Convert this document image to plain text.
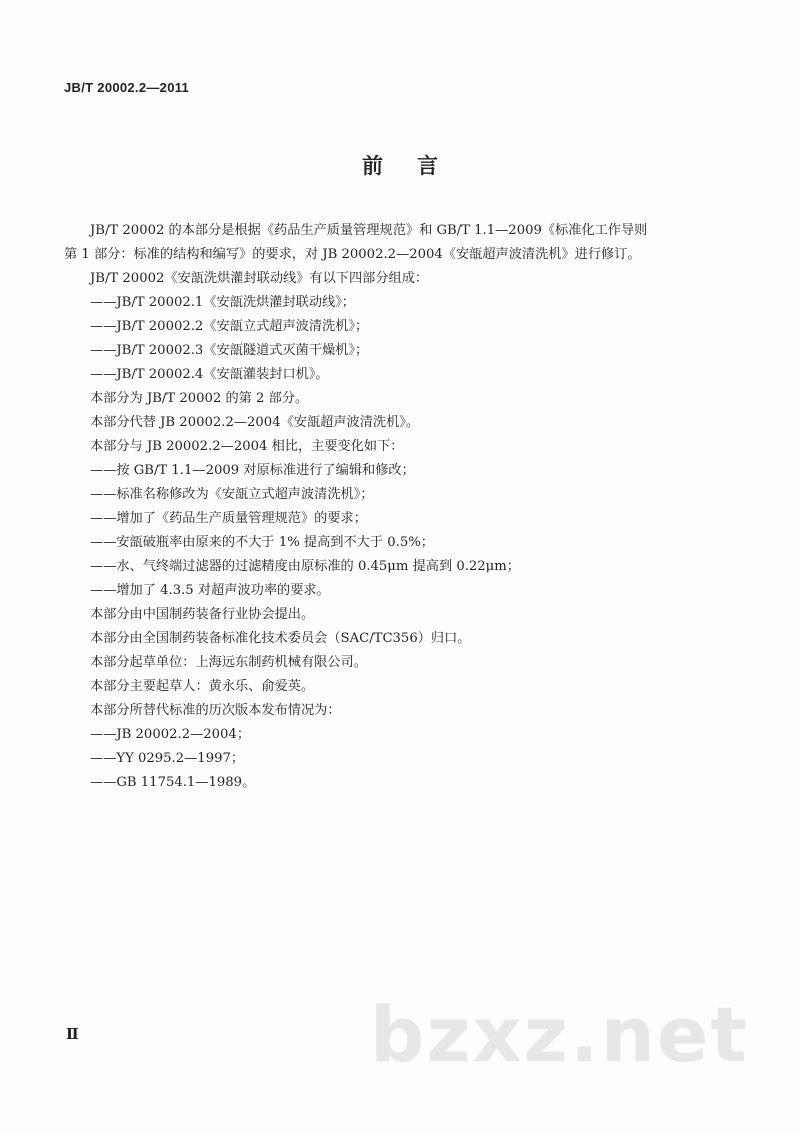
JB/T 20002.2—2011
前言

JB/T 20002 的本部分是根据《药品生产质量管理规范》和 GB/T 1.1—2009《标准化工作导则

第 1 部分：标准的结构和编写》的要求，对 JB 20002.2—2004《安瓿超声波清洗机》进行修订。

JB/T 20002《安瓿洗烘灌封联动线》有以下四部分组成：

——JB/T 20002.1《安瓿洗烘灌封联动线》；

——JB/T 20002.2《安瓿立式超声波清洗机》；

——JB/T 20002.3《安瓿隧道式灭菌干燥机》；

——JB/T 20002.4《安瓿灌装封口机》。

本部分为 JB/T 20002 的第 2 部分。

本部分代替 JB 20002.2—2004《安瓿超声波清洗机》。

本部分与 JB 20002.2—2004 相比，主要变化如下：

——按 GB/T 1.1—2009 对原标准进行了编辑和修改；

——标准名称修改为《安瓿立式超声波清洗机》；

——增加了《药品生产质量管理规范》的要求；

——安瓿破瓶率由原来的不大于 1% 提高到不大于 0.5%；

——水、气终端过滤器的过滤精度由原标准的 0.45μm 提高到 0.22μm；

——增加了 4.3.5 对超声波功率的要求。

本部分由中国制药装备行业协会提出。

本部分由全国制药装备标准化技术委员会（SAC/TC356）归口。

本部分起草单位：上海远东制药机械有限公司。

本部分主要起草人：黄永乐、俞爱英。

本部分所替代标准的历次版本发布情况为：

——JB 20002.2—2004；

——YY 0295.2—1997；

——GB 11754.1—1989。

Ⅱ	bzxz.net
